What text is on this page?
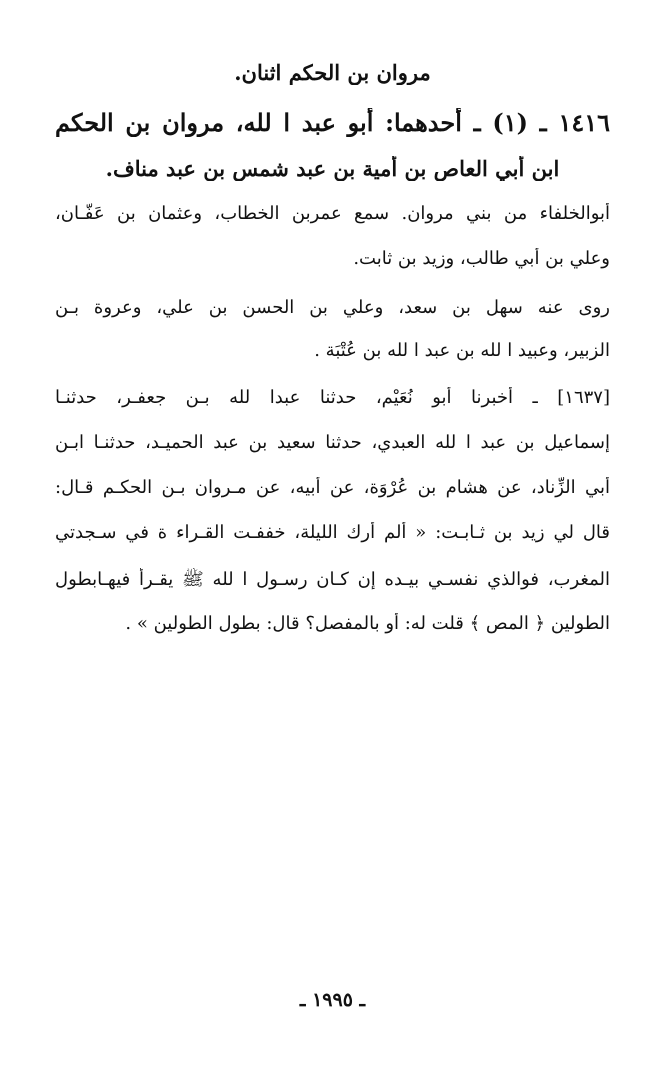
مروان بن الحكم اثنان.
١٤١٦ ـ (١) ـ أحدهما: أبو عبد ا لله، مروان بن الحكم
ابن أبي العاص بن أمية بن عبد شمس بن عبد مناف.
أبوالخلفاء من بني مروان. سمع عمربن الخطاب، وعثمان بن عَفَّـان،
وعلي بن أبي طالب، وزيد بن ثابت.
روى عنه سهل بن سعد، وعلي بن الحسن بن علي، وعروة بـن
الزبير، وعبيد ا لله بن عبد ا لله بن عُتْبَة .
[١٦٣٧] ـ أخبرنا أبو نُعَيْم، حدثنا عبدا لله بـن جعفـر، حدثنـا
إسماعيل بن عبد ا لله العبدي، حدثنا سعيد بن عبد الحميـد، حدثنـا ابـن
أبي الزِّناد، عن هشام بن عُرْوَة، عن أبيه، عن مـروان بـن الحكـم قـال:
قال لي زيد بن ثـابـت: « ألم أرك الليلة، خففـت القـراء ة في سـجدتي
المغرب، فوالذي نفسـي بيـده إن كـان رسـول ا لله ﷺ يقـرأ فيهـابطول
الطولين ﴿ المص ﴾ قلت له: أو بالمفصل؟ قال: بطول الطولين » .
ـ ١٩٩٥ ـ
